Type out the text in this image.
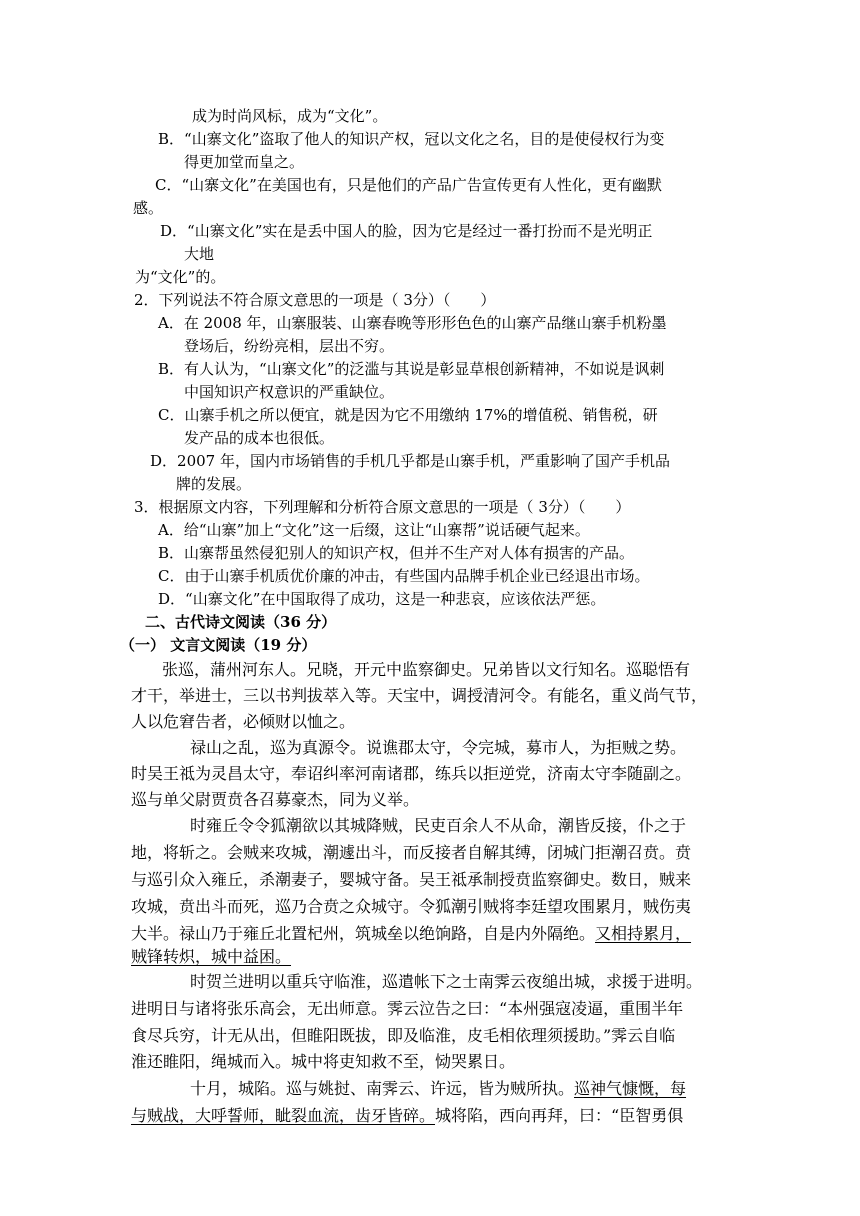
成为时尚风标，成为“文化”。
B．“山寨文化”盗取了他人的知识产权，冠以文化之名，目的是使侵权行为变
得更加堂而皇之。
C．“山寨文化”在美国也有，只是他们的产品广告宣传更有人性化，更有幽默
感。
D．“山寨文化”实在是丢中国人的脸，因为它是经过一番打扮而不是光明正
大地
为“文化”的。
2．下列说法不符合原文意思的一项是（ 3分）（　　）
A．在 2008 年，山寨服装、山寨春晚等形形色色的山寨产品继山寨手机粉墨
登场后，纷纷亮相，层出不穷。
B．有人认为，“山寨文化”的泛滥与其说是彰显草根创新精神，不如说是讽刺
中国知识产权意识的严重缺位。
C．山寨手机之所以便宜，就是因为它不用缴纳 17%的增值税、销售税，研
发产品的成本也很低。
D．2007 年，国内市场销售的手机几乎都是山寨手机，严重影响了国产手机品
牌的发展。
3．根据原文内容，下列理解和分析符合原文意思的一项是（ 3分）（　　）
A．给“山寨”加上“文化”这一后缀，这让“山寨帮”说话硬气起来。
B．山寨帮虽然侵犯别人的知识产权，但并不生产对人体有损害的产品。
C．由于山寨手机质优价廉的冲击，有些国内品牌手机企业已经退出市场。
D．“山寨文化”在中国取得了成功，这是一种悲哀，应该依法严惩。
二、古代诗文阅读（36 分）
（一） 文言文阅读（19 分）
张巡，蒲州河东人。兄晓，开元中监察御史。兄弟皆以文行知名。巡聪悟有
才干，举进士，三以书判拔萃入等。天宝中，调授清河令。有能名，重义尚气节，
人以危窘告者，必倾财以恤之。
禄山之乱，巡为真源令。说谯郡太守，令完城，募市人，为拒贼之势。
时吴王祗为灵昌太守，奉诏纠率河南诸郡，练兵以拒逆党，济南太守李随副之。
巡与单父尉贾贲各召募豪杰，同为义举。
时雍丘令令狐潮欲以其城降贼，民吏百余人不从命，潮皆反接，仆之于
地，将斩之。会贼来攻城，潮遽出斗，而反接者自解其缚，闭城门拒潮召贲。贲
与巡引众入雍丘，杀潮妻子，婴城守备。吴王祗承制授贲监察御史。数日，贼来
攻城，贲出斗而死，巡乃合贲之众城守。令狐潮引贼将李廷望攻围累月，贼伤夷
大半。禄山乃于雍丘北置杞州，筑城垒以绝饷路，自是内外隔绝。又相持累月，
贼锋转炽，城中益困。
时贺兰进明以重兵守临淮，巡遣帐下之士南霁云夜缒出城，求援于进明。
进明日与诸将张乐高会，无出师意。霁云泣告之曰：“本州强寇凌逼，重围半年
食尽兵穷，计无从出，但睢阳既拔，即及临淮，皮毛相依理须援助。”霁云自临
淮还睢阳，绳城而入。城中将吏知救不至，恸哭累日。
十月，城陷。巡与姚挝、南霁云、许远，皆为贼所执。巡神气慷慨，每
与贼战，大呼誓师，眦裂血流，齿牙皆碎。城将陷，西向再拜，曰：“臣智勇俱
